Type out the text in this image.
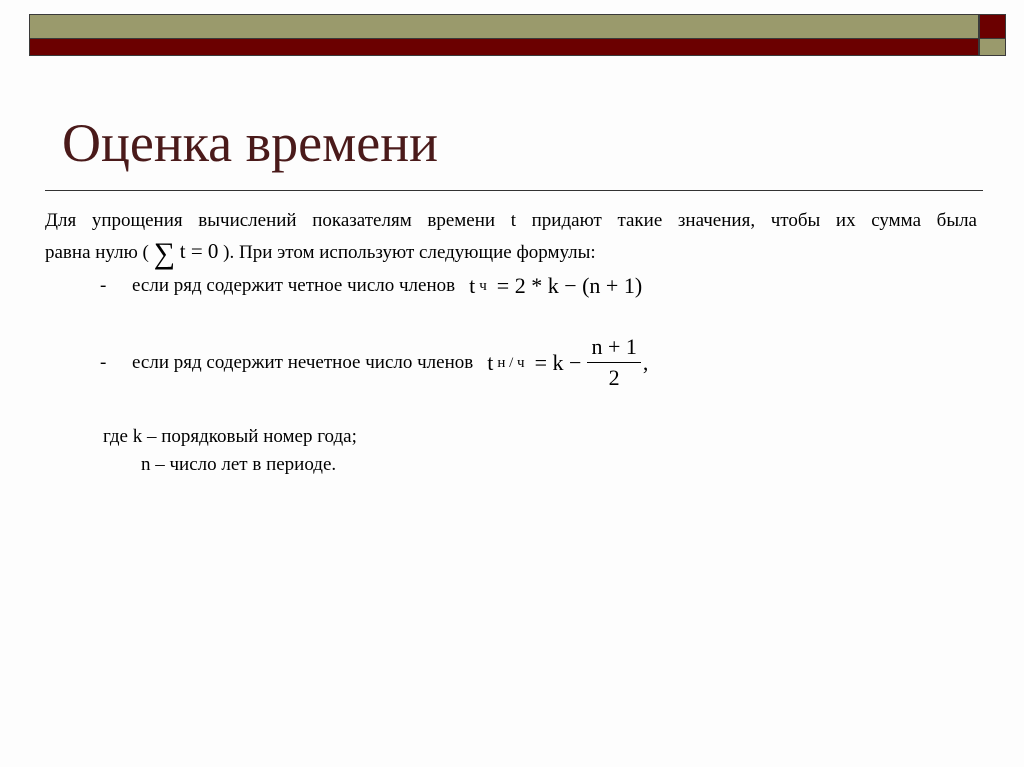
Оценка времени

Для упрощения вычислений показателям времени t придают такие значения, чтобы их сумма была
равна нулю ( ∑ t = 0 ). При этом используют следующие формулы:

-	если ряд содержит четное число членов t ч = 2 * k − (n + 1)
-	если ряд содержит нечетное число членов t $н / ч = k - \frac{n + 1}{2}$ ,
где k – порядковый номер года;
n – число лет в периоде.
